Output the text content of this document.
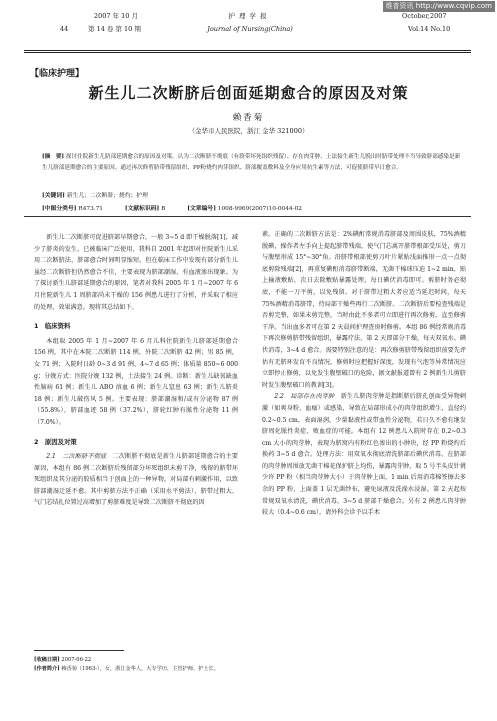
维普资讯 http://www.cqvip.com
2007 年 10 月
44	第 14 卷 第 10 期
护 理 学 报
Journal of Nursing(China)
October,2007
Vol.14 No.10
【临床护理】
新生儿二次断脐后创面延期愈合的原因及对策
赖香菊
（金华市人民医院，浙江 金华 321000）
[摘　要] 探讨住院新生儿脐部延期愈合的原因及对策。认为二次断脐不彻底（有脐带坏死组织残留）、存在肉芽肿、土法接生新生儿脱出时脐带处理不当导致脐部感染是新生儿脐部延期愈合的主要原因。通过再次修剪脐带残留组织、PP粉烧灼肉芽组织、脐部覆盖敷料及全身应用抗生素等方法，可促使脐带早日愈合。
[关键词] 新生儿；二次断脐；烧灼；护理
[中图分类号] R473.71	[文献标识码] B	[文章编号] 1008-9969(2007)10-0044-02

新生儿二次断脐可促进脐部早期愈合，一般 3~5 d 即干燥脱落[1]，减少了脐炎的发生，已被临床广泛使用，我科自 2001 年起即对住院新生儿采用二次断脐法，脐部愈合时间明显缩短。但在临床工作中发现有部分新生儿虽经二次断脐但仍然愈合不佳，主要表现为脐部潮湿、有血液渗出现象。为了探讨新生儿脐部延期愈合的原因，笔者对我科 2005 年 1 月~2007 年 6 月住院新生儿 1 周脐部尚未干燥的 156 例患儿进行了分析，并采取了相应的处理，效果满意。现将其总结如下。

1　临床资料

本组取 2005 年 1 月~2007 年 6 月儿科住院新生儿脐部延期愈合 156 例，其中在本院二次断脐 114 例，外院二次断脐 42 例；男 85 例，女 71 例；入院时日龄 0~3 d 91 例，4~7 d 65 例；体质量 850~6 000 g；分娩方式：医院分娩 132 例，土法接生 24 例。诊断：新生儿缺氧缺血性脑病 61 例；新生儿 ABO 溶血 6 例；新生儿窒息 63 例；新生儿脐炎 18 例；新生儿破伤风 5 例。主要表现：脐部潮湿和/或有分泌物 87 例（55.8%），脐部血迹 58 例（37.2%），脐轮红肿有脓性分泌物 11 例（7.0%）。

2　原因及对策

2.1　二次断脐不彻底　 二次断脐不彻底是新生儿脐部延期愈合的主要原因，本组有 86 例二次断脐后残留部分坏死组织未剪干净，残留的脐带坏死组织及其分泌的胶质相当于创面上的一种异物。对局部有刺激作用，以致脐部潮湿迁延不愈。其中剪脐方法不正确（采用水平剪法），脐带过粗大、气门芯结扎位置过高增加了剪脐难度是导致二次断脐不彻底的因

[收稿日期] 2007-06-22

[作者简介] 赖香菊（1963-），女，浙江金华人，大专学历，主管护师，护士长。

素。正确的二次断脐方法是：2%碘酊常规消毒脐部及周围皮肤，75%酒精脱碘，操作者左手向上提起脐带残端，使气门芯离开脐带根部受压处，剪刀与腹壁形成 15°~30°角。沿脐带根部使剪刀叶片紧贴浅面推形一点一点彻底剪除残端[2]，再重复碘酊消毒脐带断端，无菌干棉球压迫 1~2 min，贴上输液敷贴，次日去除敷贴暴露处理，每日碘伏消毒即可。剪脐时务必彻底，不能一刀平剪，以免残留。对于脐带过粗大者应适当延迟时间，每天 75%酒精消毒脐带，待局部干燥些再行二次断脐。二次断脐后要检查残端是否剪完整，如果未剪完整，当时由此不多者可立即进行再次修剪，直至修剪干净。当出血多者可在第 2 天晨间护理查房时修剪。本组 86 例经常规消毒下再次修剪脐带残留组织，暴露疗法，第 2 天即部分干燥，每天双氧水、碘伏消毒，3~4 d 愈合。需要特别注意的是：再次修剪脐带残留组织前要先评估有无脐环发育不良情况，修剪时应把握好深度，发现有气泡等异常情况应立即停止修剪，以免发生腹壁破口的危险，据文献报道曾有 2 例新生儿剪脐时发生腹壁破口的教训[3]。

2.2　局部存在肉芽肿　 新生儿脐肉芽肿是指断脐后脐孔创面受异物刺激（如爽身粉、血痂）或感染，导致在局部形成小的肉芽组织增生，直径约 0.2~0.5 cm，表面湿润，少量黏液性或带血性分泌物，若日久不愈有继发脐周化脓性炎症、败血症的可能。本组有 12 例患儿入院时存在 0.2~0.3 cm 大小的肉芽肿，表现为脐窝内有粉红色渗出的小肿块，经 PP 粉烧灼后换药 3~5 d 愈合。处理方法：用双氧水彻底清洗脐部后碘伏消毒，在脐部的肉芽肿周围放无菌干棉花保护脐上均伤，暴露肉芽肿，取 5 号半头皮针挑少许 PP 粉（相当肉芽肿大小）于肉芽肿上面，1 min 后用消毒棉签擦去多余的 PP 粉，上面盖 1 层无菌纱布，避免尿液及洗澡水浸湿。第 2 天起按常规双氧水清洗，碘伏消毒，3~5 d 脐部干燥愈合。另有 2 例患儿肉芽肿较大（0.4~0.6 cm），请外科会诊予以手术
